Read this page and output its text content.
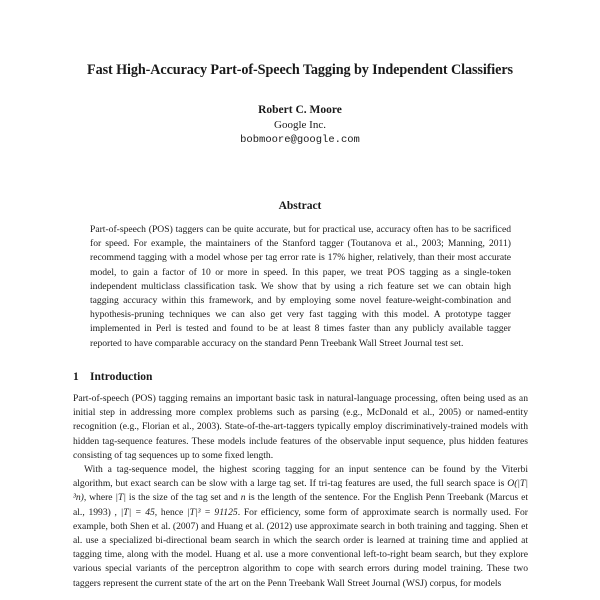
Fast High-Accuracy Part-of-Speech Tagging by Independent Classifiers
Robert C. Moore
Google Inc.
bobmoore@google.com
Abstract

Part-of-speech (POS) taggers can be quite accurate, but for practical use, accuracy often has to be sacrificed for speed. For example, the maintainers of the Stanford tagger (Toutanova et al., 2003; Manning, 2011) recommend tagging with a model whose per tag error rate is 17% higher, relatively, than their most accurate model, to gain a factor of 10 or more in speed. In this paper, we treat POS tagging as a single-token independent multiclass classification task. We show that by using a rich feature set we can obtain high tagging accuracy within this framework, and by employing some novel feature-weight-combination and hypothesis-pruning techniques we can also get very fast tagging with this model. A prototype tagger implemented in Perl is tested and found to be at least 8 times faster than any publicly available tagger reported to have comparable accuracy on the standard Penn Treebank Wall Street Journal test set.

1 Introduction

Part-of-speech (POS) tagging remains an important basic task in natural-language processing, often being used as an initial step in addressing more complex problems such as parsing (e.g., McDonald et al., 2005) or named-entity recognition (e.g., Florian et al., 2003). State-of-the-art-taggers typically employ discriminatively-trained models with hidden tag-sequence features. These models include features of the observable input sequence, plus hidden features consisting of tag sequences up to some fixed length.

With a tag-sequence model, the highest scoring tagging for an input sentence can be found by the Viterbi algorithm, but exact search can be slow with a large tag set. If tri-tag features are used, the full search space is O(|T|³n), where |T| is the size of the tag set and n is the length of the sentence. For the English Penn Treebank (Marcus et al., 1993) , |T| = 45, hence |T|³ = 91125. For efficiency, some form of approximate search is normally used. For example, both Shen et al. (2007) and Huang et al. (2012) use approximate search in both training and tagging. Shen et al. use a specialized bi-directional beam search in which the search order is learned at training time and applied at tagging time, along with the model. Huang et al. use a more conventional left-to-right beam search, but they explore various special variants of the perceptron algorithm to cope with search errors during model training. These two taggers represent the current state of the art on the Penn Treebank Wall Street Journal (WSJ) corpus, for models
